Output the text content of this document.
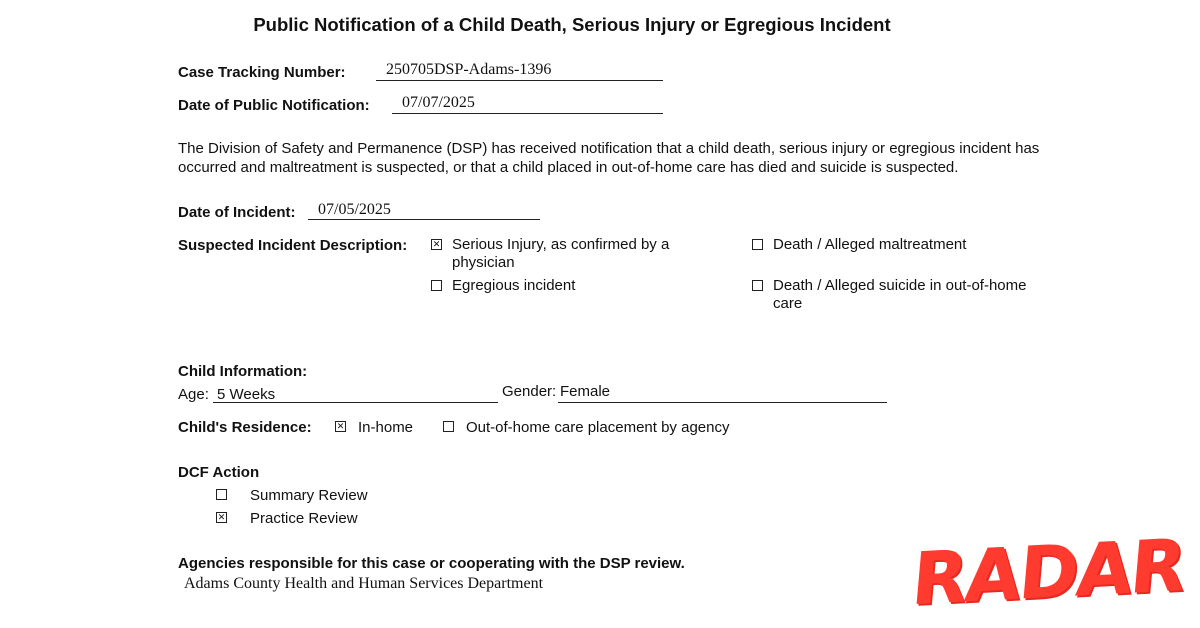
Public Notification of a Child Death, Serious Injury or Egregious Incident
Case Tracking Number:	250705DSP-Adams-1396
Date of Public Notification: 07/07/2025
The Division of Safety and Permanence (DSP) has received notification that a child death, serious injury or egregious incident has occurred and maltreatment is suspected, or that a child placed in out-of-home care has died and suicide is suspected.
Date of Incident: 07/05/2025
Suspected Incident Description: ✕	Serious Injury, as confirmed by a physician
Egregious incident
Death / Alleged maltreatment
Death / Alleged suicide in out-of-home care
Child Information:
Age: 5 Weeks	Gender: Female
Child's Residence: ✕	In-home	Out-of-home care placement by agency
DCF Action
Summary Review
✕
Practice Review
Agencies responsible for this case or cooperating with the DSP review.
Adams County Health and Human Services Department	RADAR
